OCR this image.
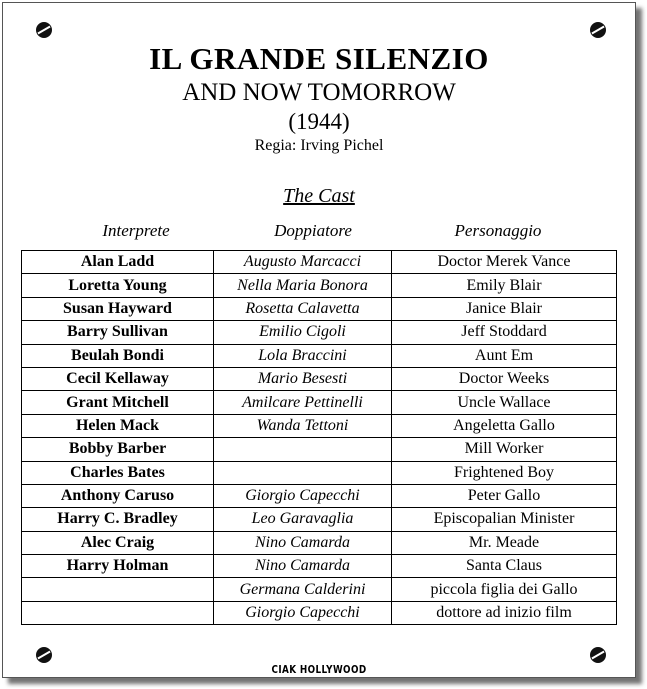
IL GRANDE SILENZIO
AND NOW TOMORROW
(1944)
Regia: Irving Pichel
The Cast
Interprete	Doppiatore	Personaggio
Alan Ladd	Augusto Marcacci	Doctor Merek Vance
Loretta Young	Nella Maria Bonora	Emily Blair
Susan Hayward	Rosetta Calavetta	Janice Blair
Barry Sullivan	Emilio Cigoli	Jeff Stoddard
Beulah Bondi	Lola Braccini	Aunt Em
Cecil Kellaway	Mario Besesti	Doctor Weeks
Grant Mitchell	Amilcare Pettinelli	Uncle Wallace
Helen Mack	Wanda Tettoni	Angeletta Gallo
Bobby Barber		Mill Worker
Charles Bates		Frightened Boy
Anthony Caruso	Giorgio Capecchi	Peter Gallo
Harry C. Bradley	Leo Garavaglia	Episcopalian Minister
Alec Craig	Nino Camarda	Mr. Meade
Harry Holman	Nino Camarda	Santa Claus
	Germana Calderini	piccola figlia dei Gallo
	Giorgio Capecchi	dottore ad inizio film
CIAK HOLLYWOOD
